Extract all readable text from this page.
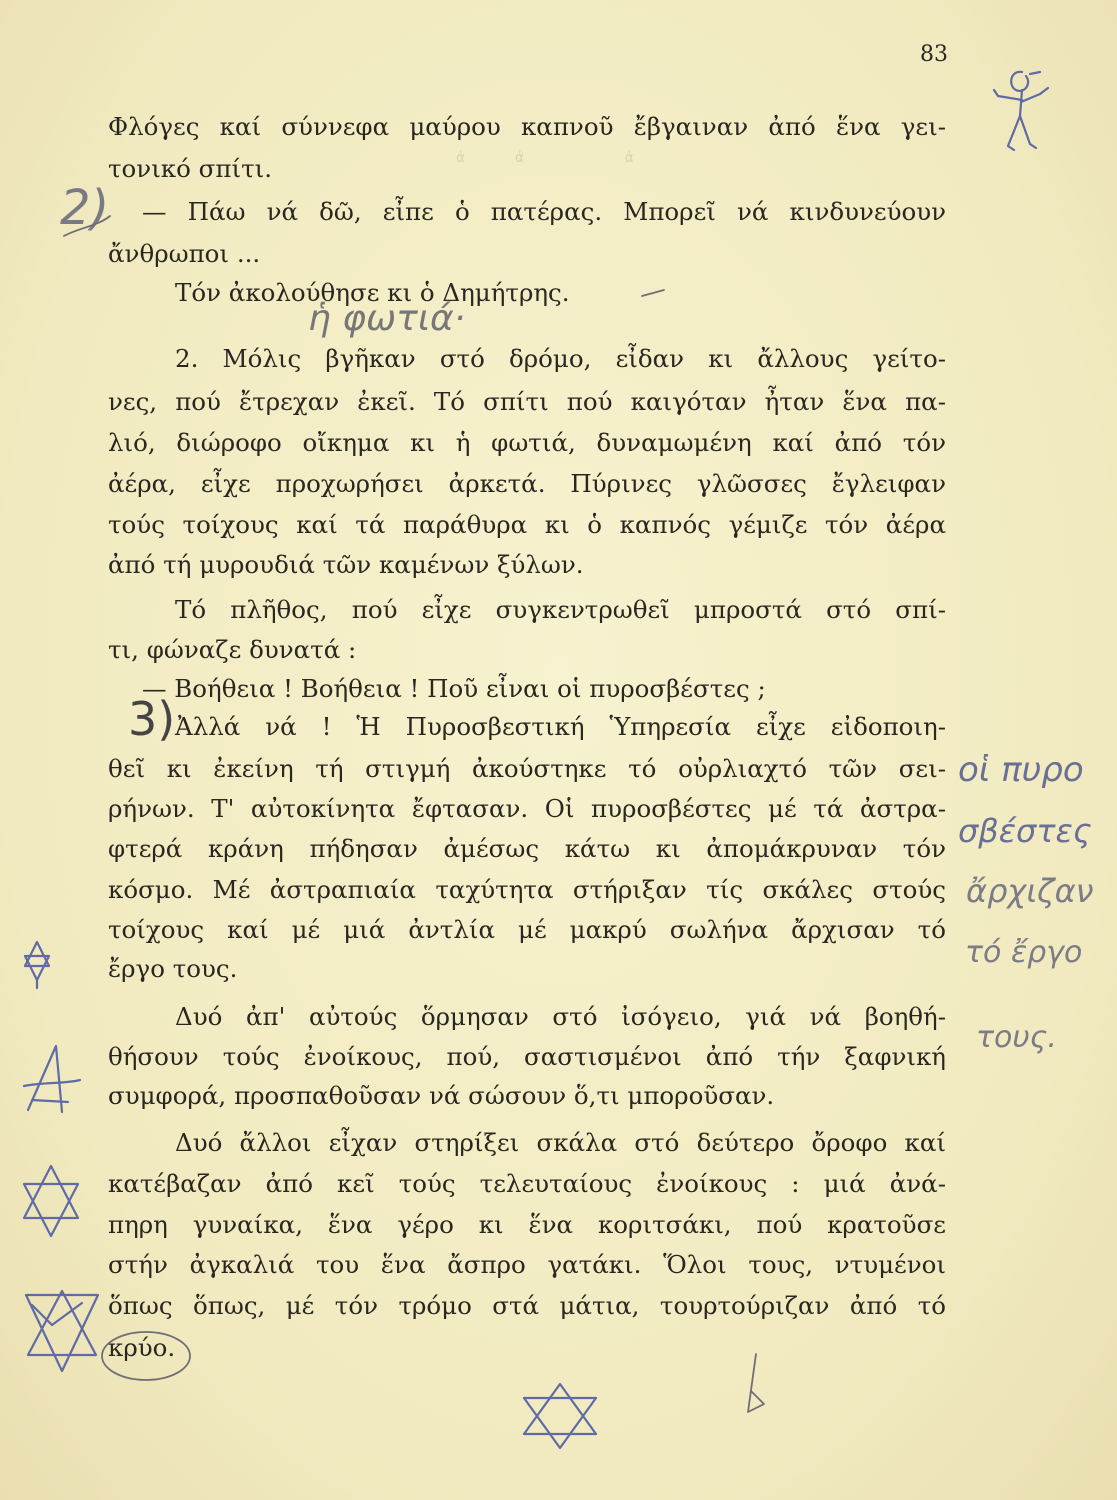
ἁ      ἀ            ἁ

83
Φλόγες καί σύννεφα μαύρου καπνοῦ ἔβγαιναν ἀπό ἕνα γει-
τονικό σπίτι.
— Πάω νά δῶ, εἶπε ὁ πατέρας. Μπορεῖ νά κινδυνεύουν
ἄνθρωποι ...
Τόν ἀκολούθησε κι ὁ Δημήτρης.
2. Μόλις βγῆκαν στό δρόμο, εἶδαν κι ἄλλους γείτο-
νες, πού ἔτρεχαν ἐκεῖ. Τό σπίτι πού καιγόταν ἦταν ἕνα πα-
λιό, διώροφο οἴκημα κι ἡ φωτιά, δυναμωμένη καί ἀπό τόν
ἀέρα, εἶχε προχωρήσει ἀρκετά. Πύρινες γλῶσσες ἔγλειφαν
τούς τοίχους καί τά παράθυρα κι ὁ καπνός γέμιζε τόν ἀέρα
ἀπό τή μυρουδιά τῶν καμένων ξύλων.
Τό πλῆθος, πού εἶχε συγκεντρωθεῖ μπροστά στό σπί-
τι, φώναζε δυνατά :
— Βοήθεια ! Βοήθεια ! Ποῦ εἶναι οἱ πυροσβέστες ;
Ἀλλά νά ! Ἡ Πυροσβεστική Ὑπηρεσία εἶχε εἰδοποιη-
θεῖ κι ἐκείνη τή στιγμή ἀκούστηκε τό οὐρλιαχτό τῶν σει-
ρήνων. Τ' αὐτοκίνητα ἔφτασαν. Οἱ πυροσβέστες μέ τά ἀστρα-
φτερά κράνη πήδησαν ἀμέσως κάτω κι ἀπομάκρυναν τόν
κόσμο. Μέ ἀστραπιαία ταχύτητα στήριξαν τίς σκάλες στούς
τοίχους καί μέ μιά ἀντλία μέ μακρύ σωλήνα ἄρχισαν τό
ἔργο τους.
Δυό ἀπ' αὐτούς ὅρμησαν στό ἰσόγειο, γιά νά βοηθή-
θήσουν τούς ἐνοίκους, πού, σαστισμένοι ἀπό τήν ξαφνική
συμφορά, προσπαθοῦσαν νά σώσουν ὅ,τι μποροῦσαν.
Δυό ἄλλοι εἶχαν στηρίξει σκάλα στό δεύτερο ὄροφο καί
κατέβαζαν ἀπό κεῖ τούς τελευταίους ἐνοίκους : μιά ἀνά-
πηρη γυναίκα, ἕνα γέρο κι ἕνα κοριτσάκι, πού κρατοῦσε
στήν ἀγκαλιά του ἕνα ἄσπρο γατάκι. Ὅλοι τους, ντυμένοι
ὅπως ὅπως, μέ τόν τρόμο στά μάτια, τουρτούριζαν ἀπό τό
κρύο.
2)
3)
ἡ φωτιά·
οἱ πυρο
σβέστες
ἄρχιζαν
τό ἔργο
τους.
